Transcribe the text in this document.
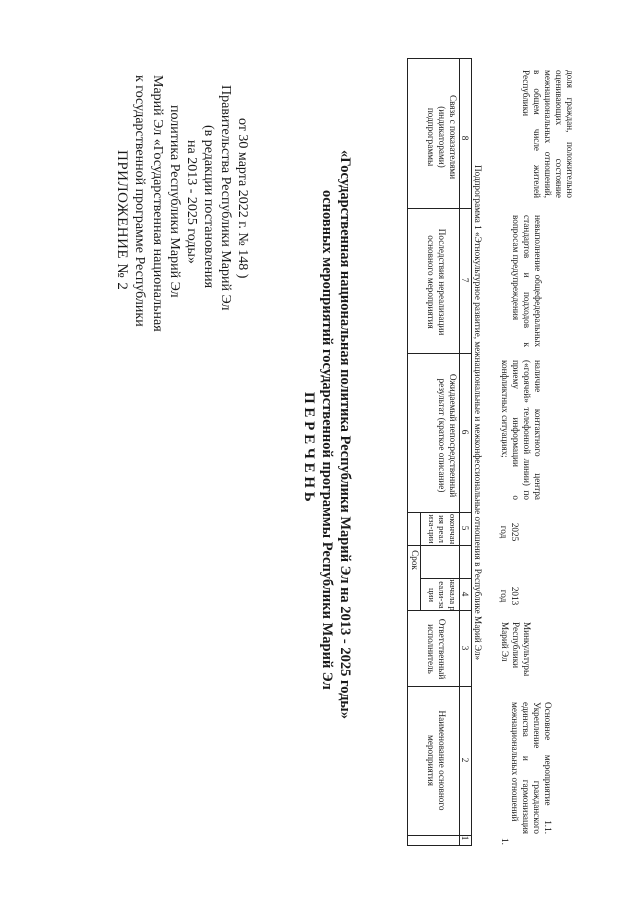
ПРИЛОЖЕНИЕ № 2 к государственной программе Республики Марий Эл «Государственная национальная политика Республики Марий Эл на 2013 - 2025 годы» (в редакции постановления Правительства Республики Марий Эл от 30 марта 2022 г. № 148 )
П Е Р Е Ч Е Н Ь основных мероприятий государственной программы Республики Марий Эл «Государственная национальная политика Республики Марий Эл на 2013 - 2025 годы»
Связь с показателями (индикаторами) подпрограммы
Последствия нереализации основного мероприятия
Ожидаемый непосредственный результат (краткое описание)
Срок
окончания реализа-ции
начала реали-зации
Ответственный исполнитель
Наименование основного мероприятия
8
7
6
5
4
3
2
1
Подпрограмма 1 «Этнокультурное развитие, межнациональные и межконфессиональные отношения в Республике Марий Эл»
1.
Основное мероприятие 1.1. Укрепление гражданского единства и гармонизация межнациональных отношений
Минкультуры Республики Марий Эл
2013 год
2025 год
наличие контактного центра («горячей» телефонной линии) по приему информации о конфликтных ситуациях;
невыполнение общефедеральных стандартов и подходов к вопросам предупреждения
доля граждан, положительно оценивающих состояние межнациональных отношений, в общем числе жителей Республики
